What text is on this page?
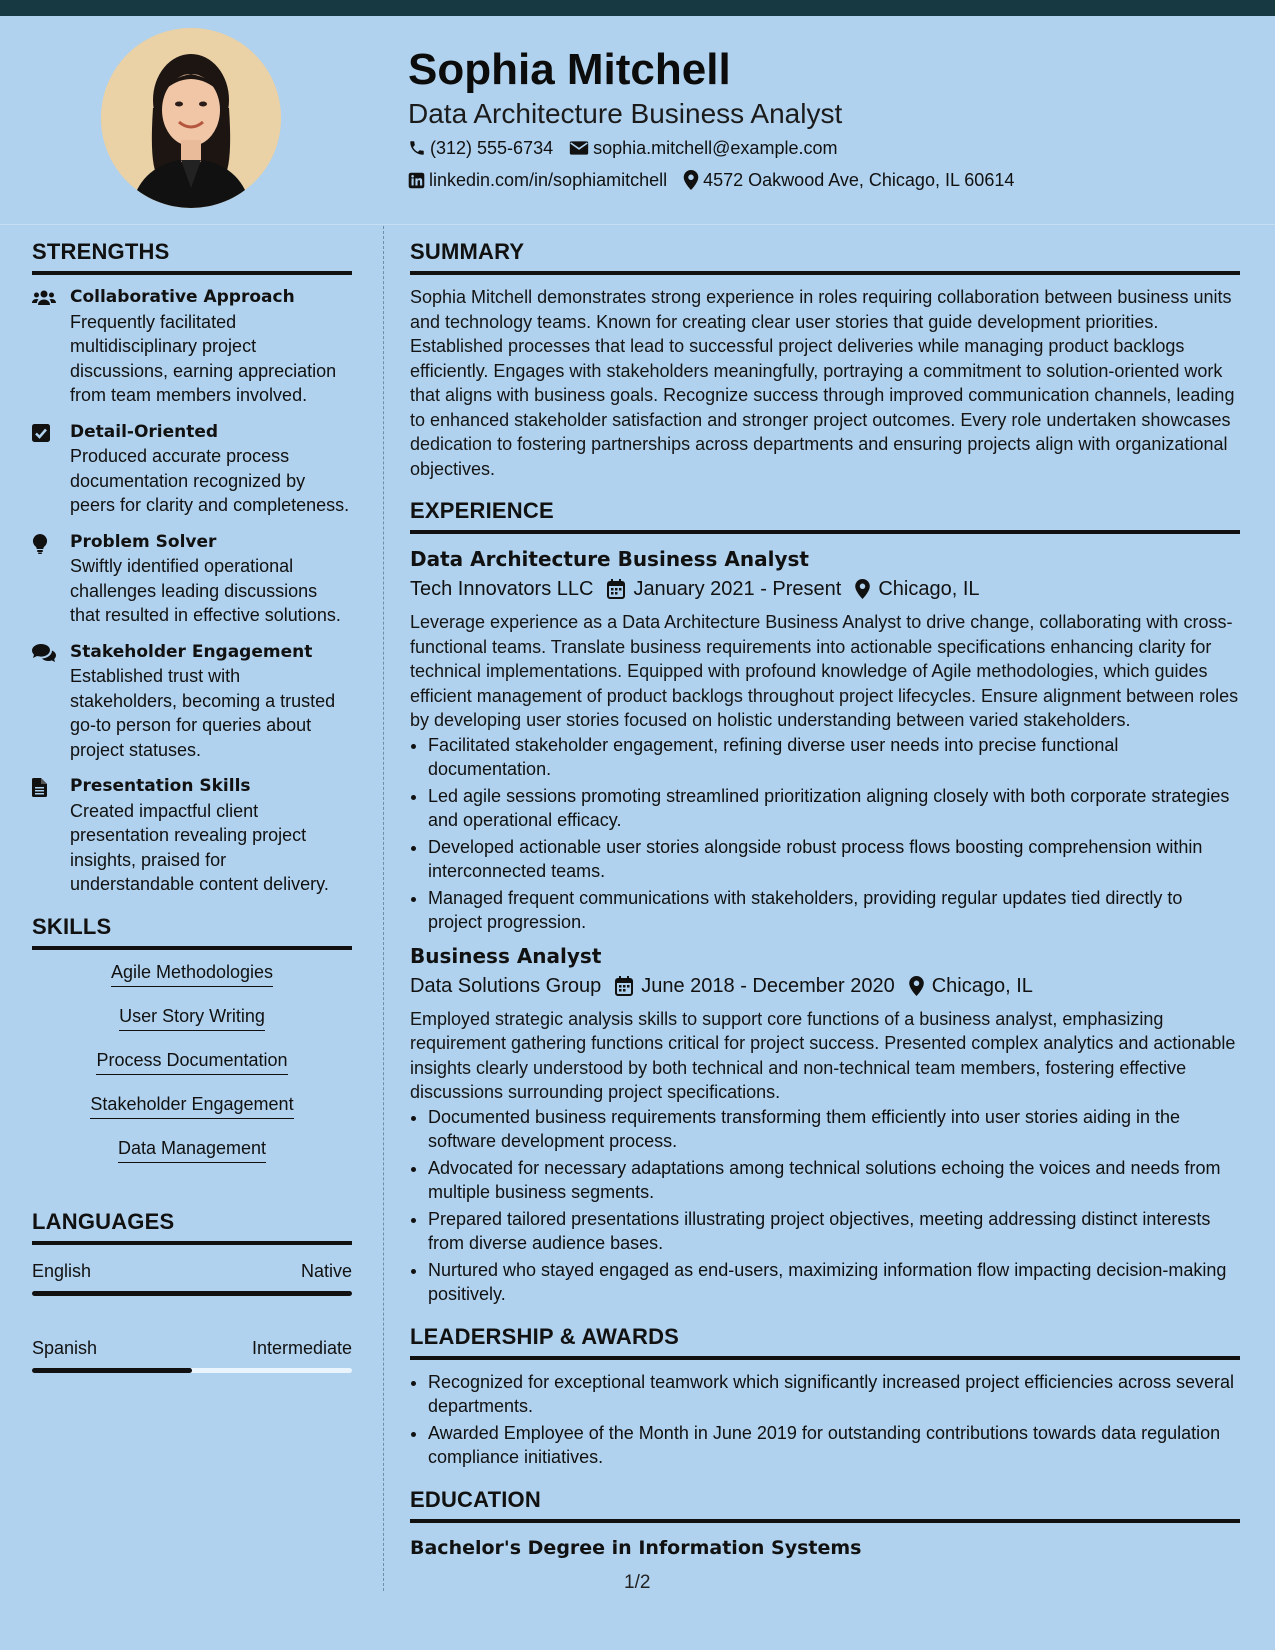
Sophia Mitchell
Data Architecture Business Analyst
(312) 555-6734 sophia.mitchell@example.com
linkedin.com/in/sophiamitchell 4572 Oakwood Ave, Chicago, IL 60614
STRENGTHS
Collaborative Approach
Frequently facilitated multidisciplinary project discussions, earning appreciation from team members involved.
Detail-Oriented
Produced accurate process documentation recognized by peers for clarity and completeness.
Problem Solver
Swiftly identified operational challenges leading discussions that resulted in effective solutions.
Stakeholder Engagement
Established trust with stakeholders, becoming a trusted go-to person for queries about project statuses.
Presentation Skills
Created impactful client presentation revealing project insights, praised for understandable content delivery.
SKILLS
Agile Methodologies
User Story Writing
Process Documentation
Stakeholder Engagement
Data Management
LANGUAGES
English	Native
Spanish	Intermediate
SUMMARY
Sophia Mitchell demonstrates strong experience in roles requiring collaboration between business units and technology teams. Known for creating clear user stories that guide development priorities. Established processes that lead to successful project deliveries while managing product backlogs efficiently. Engages with stakeholders meaningfully, portraying a commitment to solution-oriented work that aligns with business goals. Recognize success through improved communication channels, leading to enhanced stakeholder satisfaction and stronger project outcomes. Every role undertaken showcases dedication to fostering partnerships across departments and ensuring projects align with organizational objectives.
EXPERIENCE
Data Architecture Business Analyst
Tech Innovators LLC January 2021 - Present Chicago, IL
Leverage experience as a Data Architecture Business Analyst to drive change, collaborating with cross-functional teams. Translate business requirements into actionable specifications enhancing clarity for technical implementations. Equipped with profound knowledge of Agile methodologies, which guides efficient management of product backlogs throughout project lifecycles. Ensure alignment between roles by developing user stories focused on holistic understanding between varied stakeholders.
• Facilitated stakeholder engagement, refining diverse user needs into precise functional documentation.
• Led agile sessions promoting streamlined prioritization aligning closely with both corporate strategies and operational efficacy.
• Developed actionable user stories alongside robust process flows boosting comprehension within interconnected teams.
• Managed frequent communications with stakeholders, providing regular updates tied directly to project progression.
Business Analyst
Data Solutions Group June 2018 - December 2020 Chicago, IL
Employed strategic analysis skills to support core functions of a business analyst, emphasizing requirement gathering functions critical for project success. Presented complex analytics and actionable insights clearly understood by both technical and non-technical team members, fostering effective discussions surrounding project specifications.
• Documented business requirements transforming them efficiently into user stories aiding in the software development process.
• Advocated for necessary adaptations among technical solutions echoing the voices and needs from multiple business segments.
• Prepared tailored presentations illustrating project objectives, meeting addressing distinct interests from diverse audience bases.
• Nurtured who stayed engaged as end-users, maximizing information flow impacting decision-making positively.
LEADERSHIP & AWARDS
• Recognized for exceptional teamwork which significantly increased project efficiencies across several departments.
• Awarded Employee of the Month in June 2019 for outstanding contributions towards data regulation compliance initiatives.
EDUCATION
Bachelor's Degree in Information Systems
1/2
